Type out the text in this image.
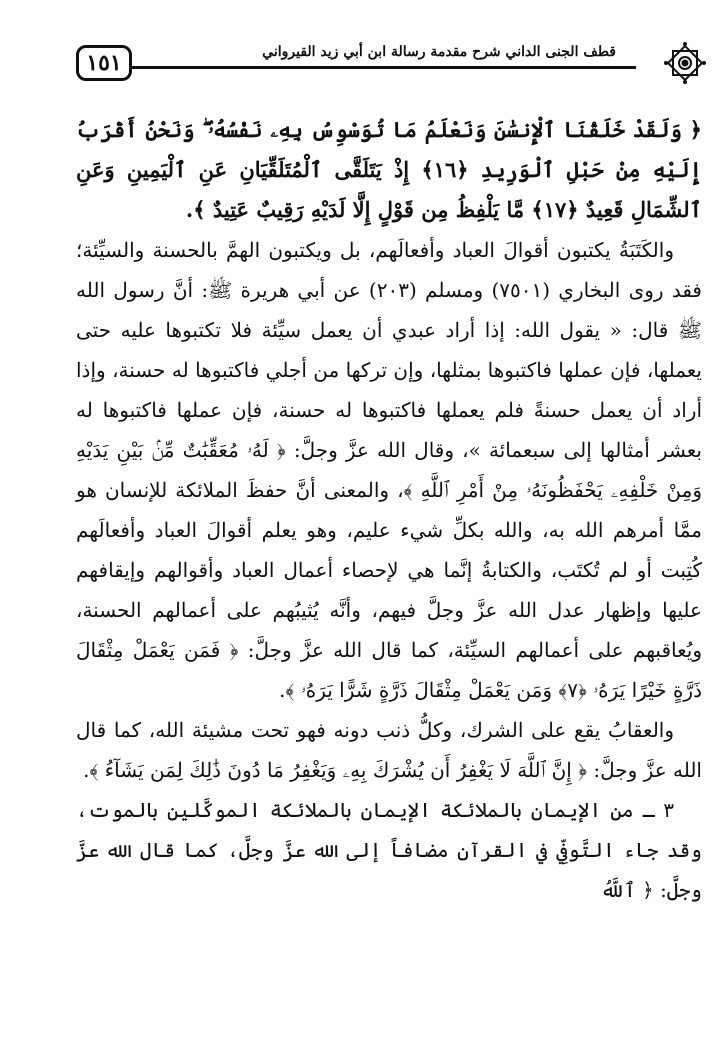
١٥١	قطف الجنى الداني شرح مقدمة رسالة ابن أبي زيد القيرواني

﴿ وَلَقَدْ خَلَقْنَا ٱلْإِنسَٰنَ وَنَعْلَمُ مَا تُوَسْوِسُ بِهِۦ نَفْسُهُۥ ۖ وَنَحْنُ أَقْرَبُ إِلَيْهِ مِنْ حَبْلِ ٱلْوَرِيدِ ﴿١٦﴾ إِذْ يَتَلَقَّى ٱلْمُتَلَقِّيَانِ عَنِ ٱلْيَمِينِ وَعَنِ ٱلشِّمَالِ قَعِيدٌ ﴿١٧﴾ مَّا يَلْفِظُ مِن قَوْلٍ إِلَّا لَدَيْهِ رَقِيبٌ عَتِيدٌ ﴾.

والكَتَبَةُ يكتبون أقوالَ العباد وأفعالَهم، بل ويكتبون الهمَّ بالحسنة والسيِّئة؛ فقد روى البخاري (٧٥٠١) ومسلم (٢٠٣) عن أبي هريرة ﷺ: أنَّ رسول الله ﷺ قال: « يقول الله: إذا أراد عبدي أن يعمل سيِّئة فلا تكتبوها عليه حتى يعملها، فإن عملها فاكتبوها بمثلها، وإن تركها من أجلي فاكتبوها له حسنة، وإذا أراد أن يعمل حسنةً فلم يعملها فاكتبوها له حسنة، فإن عملها فاكتبوها له بعشر أمثالها إلى سبعمائة »، وقال الله عزَّ وجلَّ: ﴿ لَهُۥ مُعَقِّبَٰتٌ مِّنۢ بَيْنِ يَدَيْهِ وَمِنْ خَلْفِهِۦ يَحْفَظُونَهُۥ مِنْ أَمْرِ ٱللَّهِ ﴾، والمعنى أنَّ حفظَ الملائكة للإنسان هو ممَّا أمرهم الله به، والله بكلِّ شيء عليم، وهو يعلم أقوالَ العباد وأفعالَهم كُتِبت أو لم تُكتَب، والكتابةُ إنَّما هي لإحصاء أعمال العباد وأقوالهم وإيقافهم عليها وإظهار عدل الله عزَّ وجلَّ فيهم، وأنَّه يُثيبُهم على أعمالهم الحسنة، ويُعاقبهم على أعمالهم السيِّئة، كما قال الله عزَّ وجلَّ: ﴿ فَمَن يَعْمَلْ مِثْقَالَ ذَرَّةٍ خَيْرًا يَرَهُۥ ﴿٧﴾ وَمَن يَعْمَلْ مِثْقَالَ ذَرَّةٍ شَرًّا يَرَهُۥ ﴾.

والعقابُ يقع على الشرك، وكلُّ ذنب دونه فهو تحت مشيئة الله، كما قال الله عزَّ وجلَّ: ﴿ إِنَّ ٱللَّهَ لَا يَغْفِرُ أَن يُشْرَكَ بِهِۦ وَيَغْفِرُ مَا دُونَ ذَٰلِكَ لِمَن يَشَآءُ ﴾.

٣ ـ من الإيمان بالملائكة الإيمان بالملائكة الموكَّلين بالموت، وقد جاء التَّوفِّي في القرآن مضافاً إلى الله عزَّ وجلَّ، كما قال الله عزَّ وجلَّ: ﴿ ٱللَّهُ
